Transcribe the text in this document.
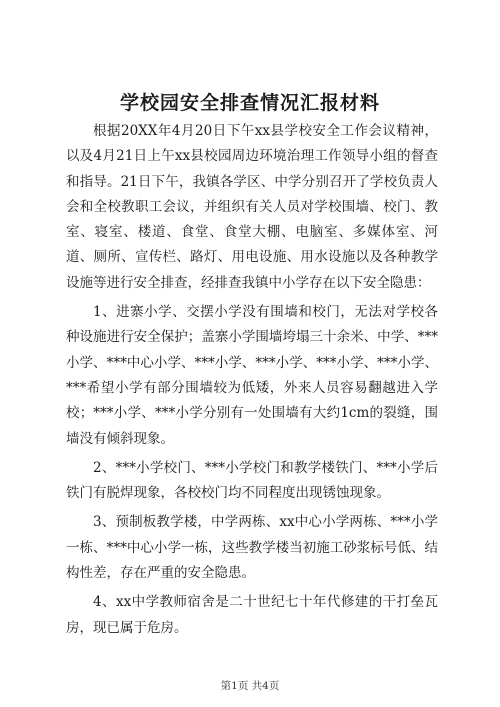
学校园安全排查情况汇报材料

根据20XX年4月20日下午xx县学校安全工作会议精神，以及4月21日上午xx县校园周边环境治理工作领导小组的督查和指导。21日下午，我镇各学区、中学分别召开了学校负责人会和全校教职工会议，并组织有关人员对学校围墙、校门、教室、寝室、楼道、食堂、食堂大棚、电脑室、多媒体室、河道、厕所、宣传栏、路灯、用电设施、用水设施以及各种教学设施等进行安全排查，经排查我镇中小学存在以下安全隐患：

1、进寨小学、交摆小学没有围墙和校门，无法对学校各种设施进行安全保护；盖寨小学围墙垮塌三十余米、中学、***小学、***中心小学、***小学、***小学、***小学、***小学、***希望小学有部分围墙较为低矮，外来人员容易翻越进入学校；***小学、***小学分别有一处围墙有大约1cm的裂缝，围墙没有倾斜现象。

2、***小学校门、***小学校门和教学楼铁门、***小学后铁门有脱焊现象，各校校门均不同程度出现锈蚀现象。

3、预制板教学楼，中学两栋、xx中心小学两栋、***小学一栋、***中心小学一栋，这些教学楼当初施工砂浆标号低、结构性差，存在严重的安全隐患。

4、xx中学教师宿舍是二十世纪七十年代修建的干打垒瓦房，现已属于危房。

第1页 共4页
